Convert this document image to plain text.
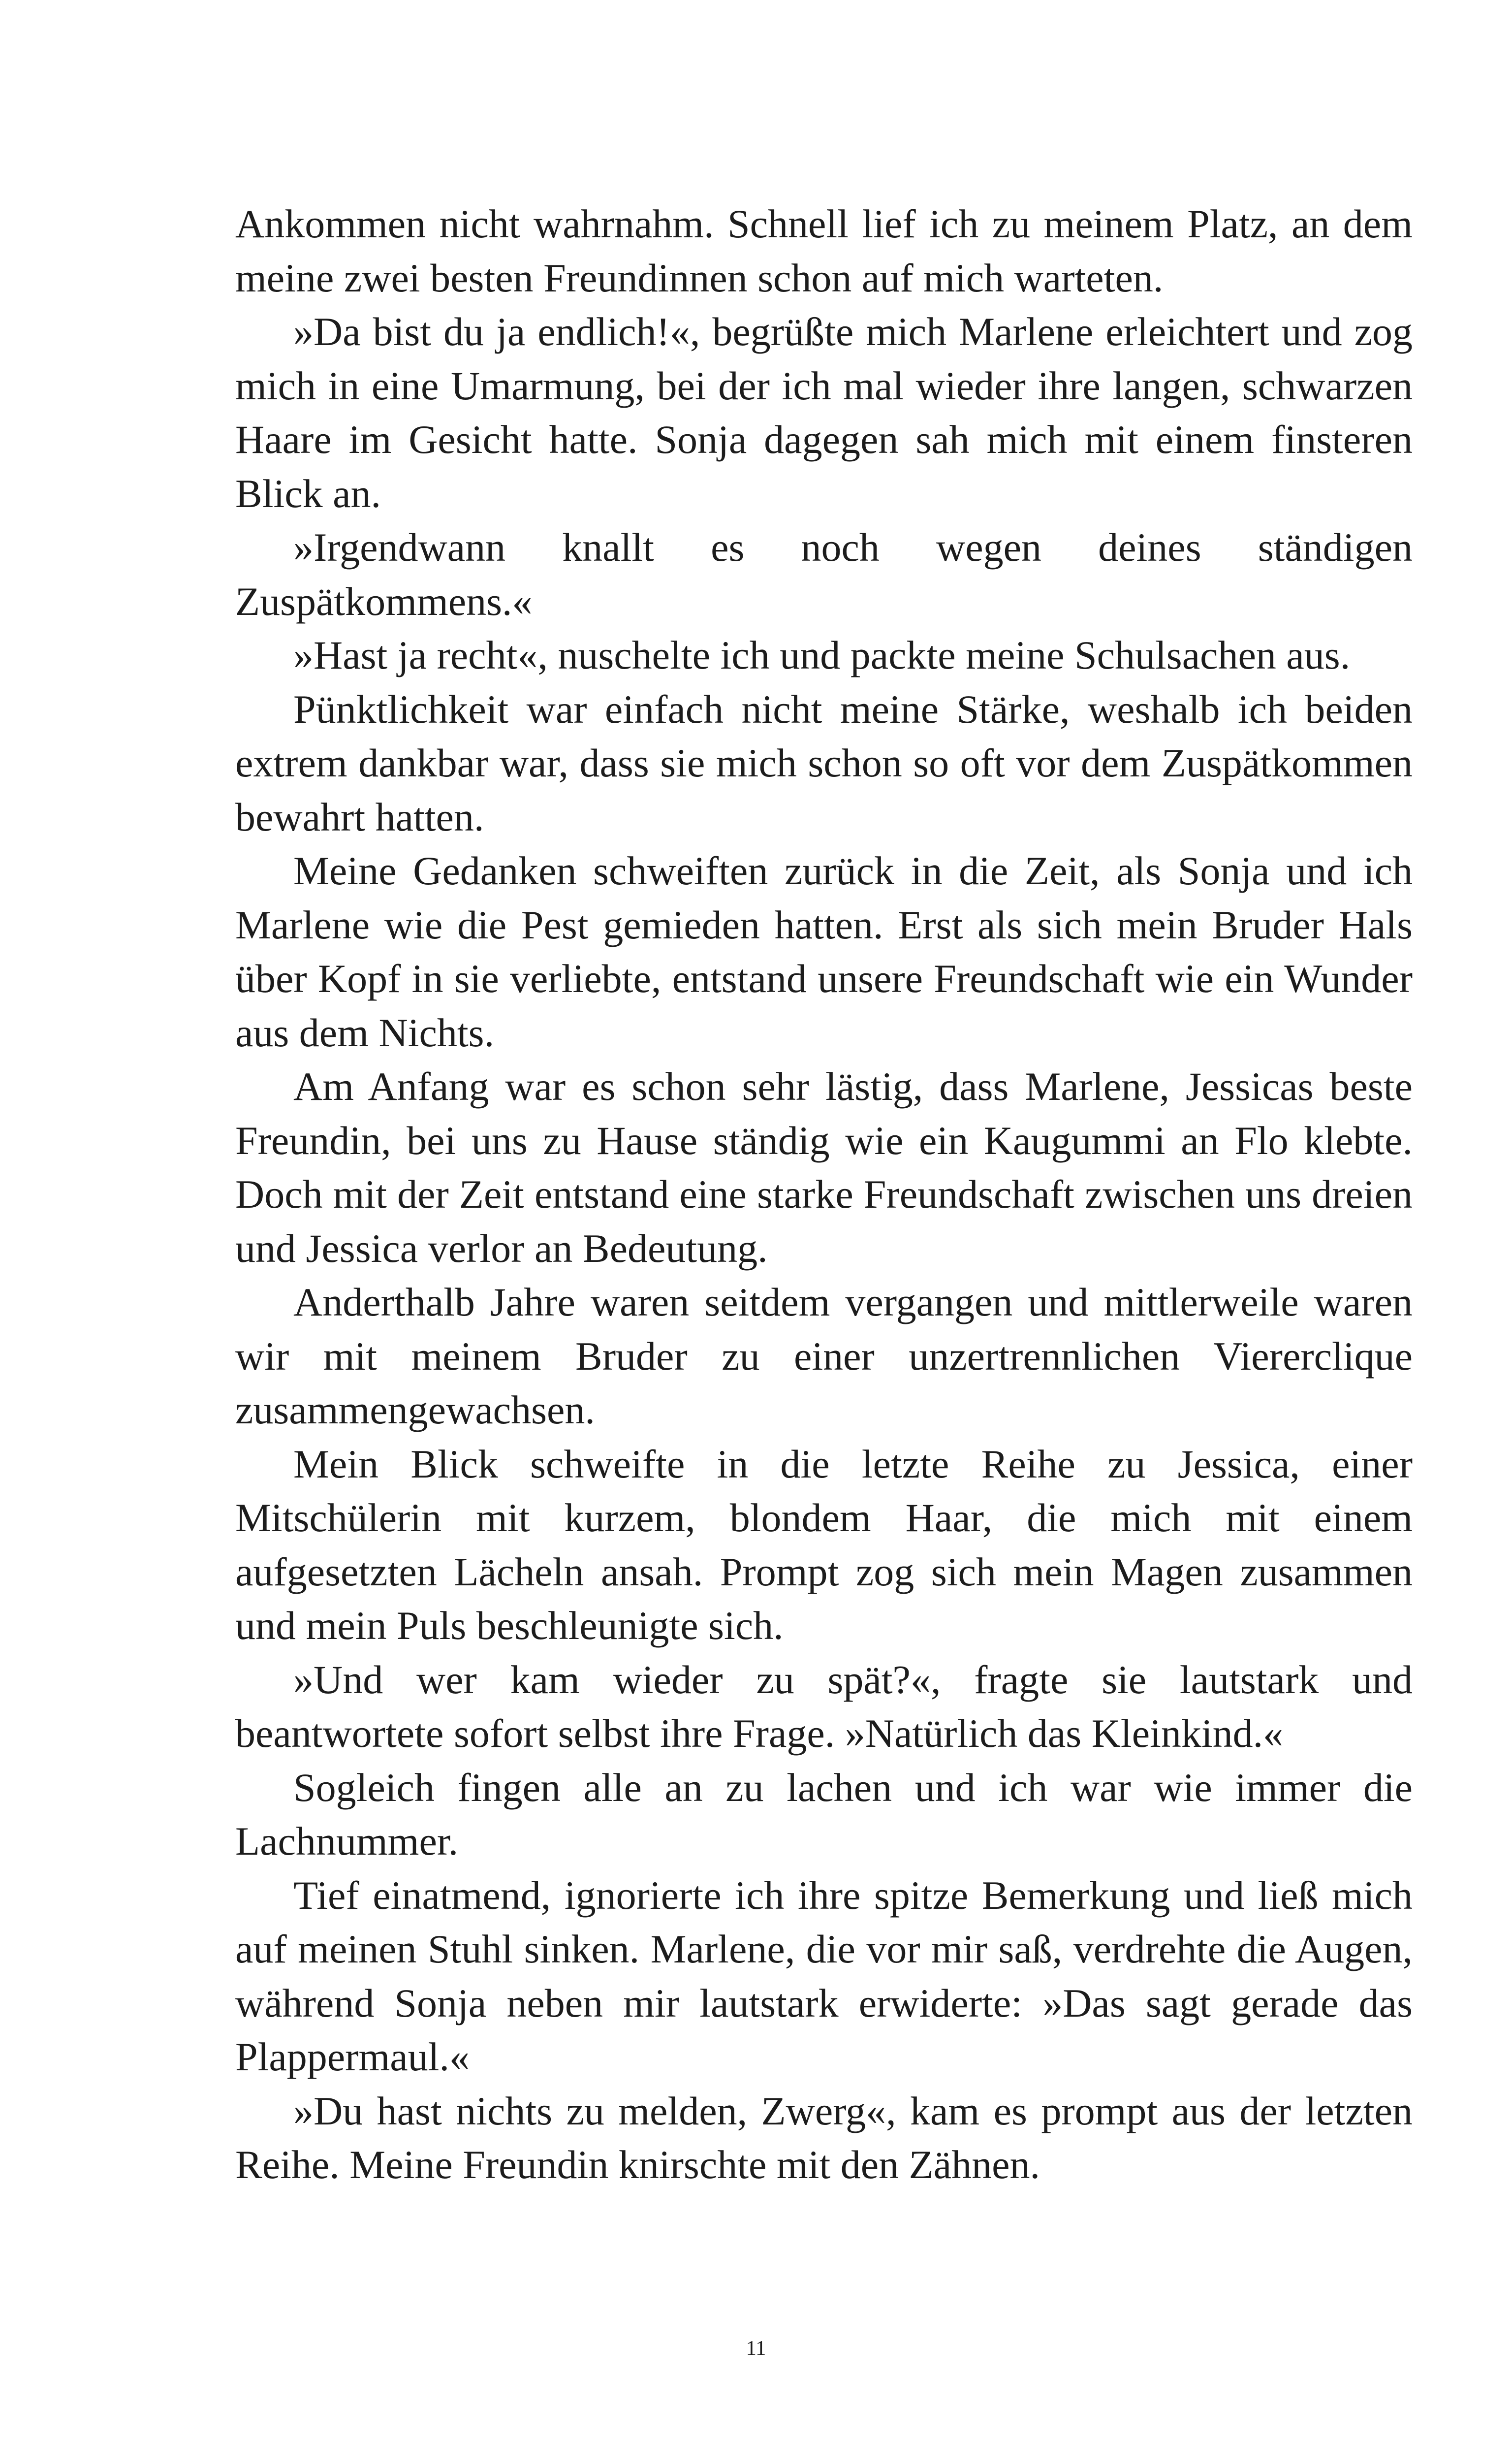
Ankommen nicht wahrnahm. Schnell lief ich zu meinem Platz, an dem meine zwei besten Freundinnen schon auf mich warteten.

»Da bist du ja endlich!«, begrüßte mich Marlene erleichtert und zog mich in eine Umarmung, bei der ich mal wieder ihre langen, schwarzen Haare im Gesicht hatte. Sonja dagegen sah mich mit einem finsteren Blick an.

»Irgendwann knallt es noch wegen deines ständigen Zuspätkommens.«

»Hast ja recht«, nuschelte ich und packte meine Schulsachen aus.

Pünktlichkeit war einfach nicht meine Stärke, weshalb ich beiden extrem dankbar war, dass sie mich schon so oft vor dem Zuspätkommen bewahrt hatten.

Meine Gedanken schweiften zurück in die Zeit, als Sonja und ich Marlene wie die Pest gemieden hatten. Erst als sich mein Bruder Hals über Kopf in sie verliebte, entstand unsere Freundschaft wie ein Wunder aus dem Nichts.

Am Anfang war es schon sehr lästig, dass Marlene, Jessicas beste Freundin, bei uns zu Hause ständig wie ein Kaugummi an Flo klebte. Doch mit der Zeit entstand eine starke Freundschaft zwischen uns dreien und Jessica verlor an Bedeutung.

Anderthalb Jahre waren seitdem vergangen und mittlerweile waren wir mit meinem Bruder zu einer unzertrennlichen Viererclique zusammengewachsen.

Mein Blick schweifte in die letzte Reihe zu Jessica, einer Mitschülerin mit kurzem, blondem Haar, die mich mit einem aufgesetzten Lächeln ansah. Prompt zog sich mein Magen zusammen und mein Puls beschleunigte sich.

»Und wer kam wieder zu spät?«, fragte sie lautstark und beantwortete sofort selbst ihre Frage. »Natürlich das Kleinkind.«

Sogleich fingen alle an zu lachen und ich war wie immer die Lachnummer.

Tief einatmend, ignorierte ich ihre spitze Bemerkung und ließ mich auf meinen Stuhl sinken. Marlene, die vor mir saß, verdrehte die Augen, während Sonja neben mir lautstark erwiderte: »Das sagt gerade das Plappermaul.«

»Du hast nichts zu melden, Zwerg«, kam es prompt aus der letzten Reihe. Meine Freundin knirschte mit den Zähnen.

11
